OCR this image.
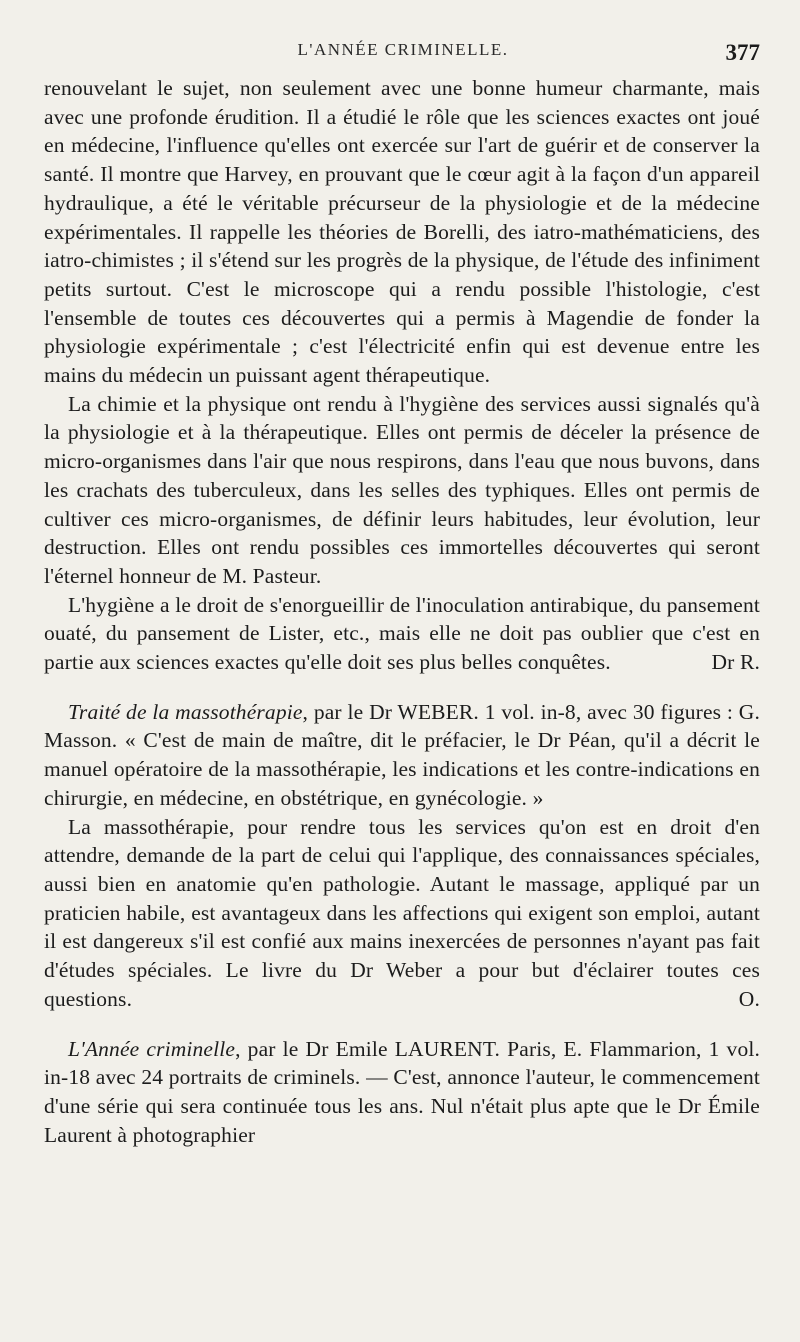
L'ANNÉE CRIMINELLE.	377

renouvelant le sujet, non seulement avec une bonne humeur charmante, mais avec une profonde érudition. Il a étudié le rôle que les sciences exactes ont joué en médecine, l'influence qu'elles ont exercée sur l'art de guérir et de conserver la santé. Il montre que Harvey, en prouvant que le cœur agit à la façon d'un appareil hydraulique, a été le véritable précurseur de la physiologie et de la médecine expérimentales. Il rappelle les théories de Borelli, des iatro-mathématiciens, des iatro-chimistes ; il s'étend sur les progrès de la physique, de l'étude des infiniment petits surtout. C'est le microscope qui a rendu possible l'histologie, c'est l'ensemble de toutes ces découvertes qui a permis à Magendie de fonder la physiologie expérimentale ; c'est l'électricité enfin qui est devenue entre les mains du médecin un puissant agent thérapeutique.

La chimie et la physique ont rendu à l'hygiène des services aussi signalés qu'à la physiologie et à la thérapeutique. Elles ont permis de déceler la présence de micro-organismes dans l'air que nous respirons, dans l'eau que nous buvons, dans les crachats des tuberculeux, dans les selles des typhiques. Elles ont permis de cultiver ces micro-organismes, de définir leurs habitudes, leur évolution, leur destruction. Elles ont rendu possibles ces immortelles découvertes qui seront l'éternel honneur de M. Pasteur.

L'hygiène a le droit de s'enorgueillir de l'inoculation antirabique, du pansement ouaté, du pansement de Lister, etc., mais elle ne doit pas oublier que c'est en partie aux sciences exactes qu'elle doit ses plus belles conquêtes.	Dr R.

Traité de la massothérapie, par le Dr WEBER. 1 vol. in-8, avec 30 figures : G. Masson. « C'est de main de maître, dit le préfacier, le Dr Péan, qu'il a décrit le manuel opératoire de la massothérapie, les indications et les contre-indications en chirurgie, en médecine, en obstétrique, en gynécologie. »

La massothérapie, pour rendre tous les services qu'on est en droit d'en attendre, demande de la part de celui qui l'applique, des connaissances spéciales, aussi bien en anatomie qu'en pathologie. Autant le massage, appliqué par un praticien habile, est avantageux dans les affections qui exigent son emploi, autant il est dangereux s'il est confié aux mains inexercées de personnes n'ayant pas fait d'études spéciales. Le livre du Dr Weber a pour but d'éclairer toutes ces questions.	O.

L'Année criminelle, par le Dr Emile LAURENT. Paris, E. Flammarion, 1 vol. in-18 avec 24 portraits de criminels. — C'est, annonce l'auteur, le commencement d'une série qui sera continuée tous les ans. Nul n'était plus apte que le Dr Émile Laurent à photographier
